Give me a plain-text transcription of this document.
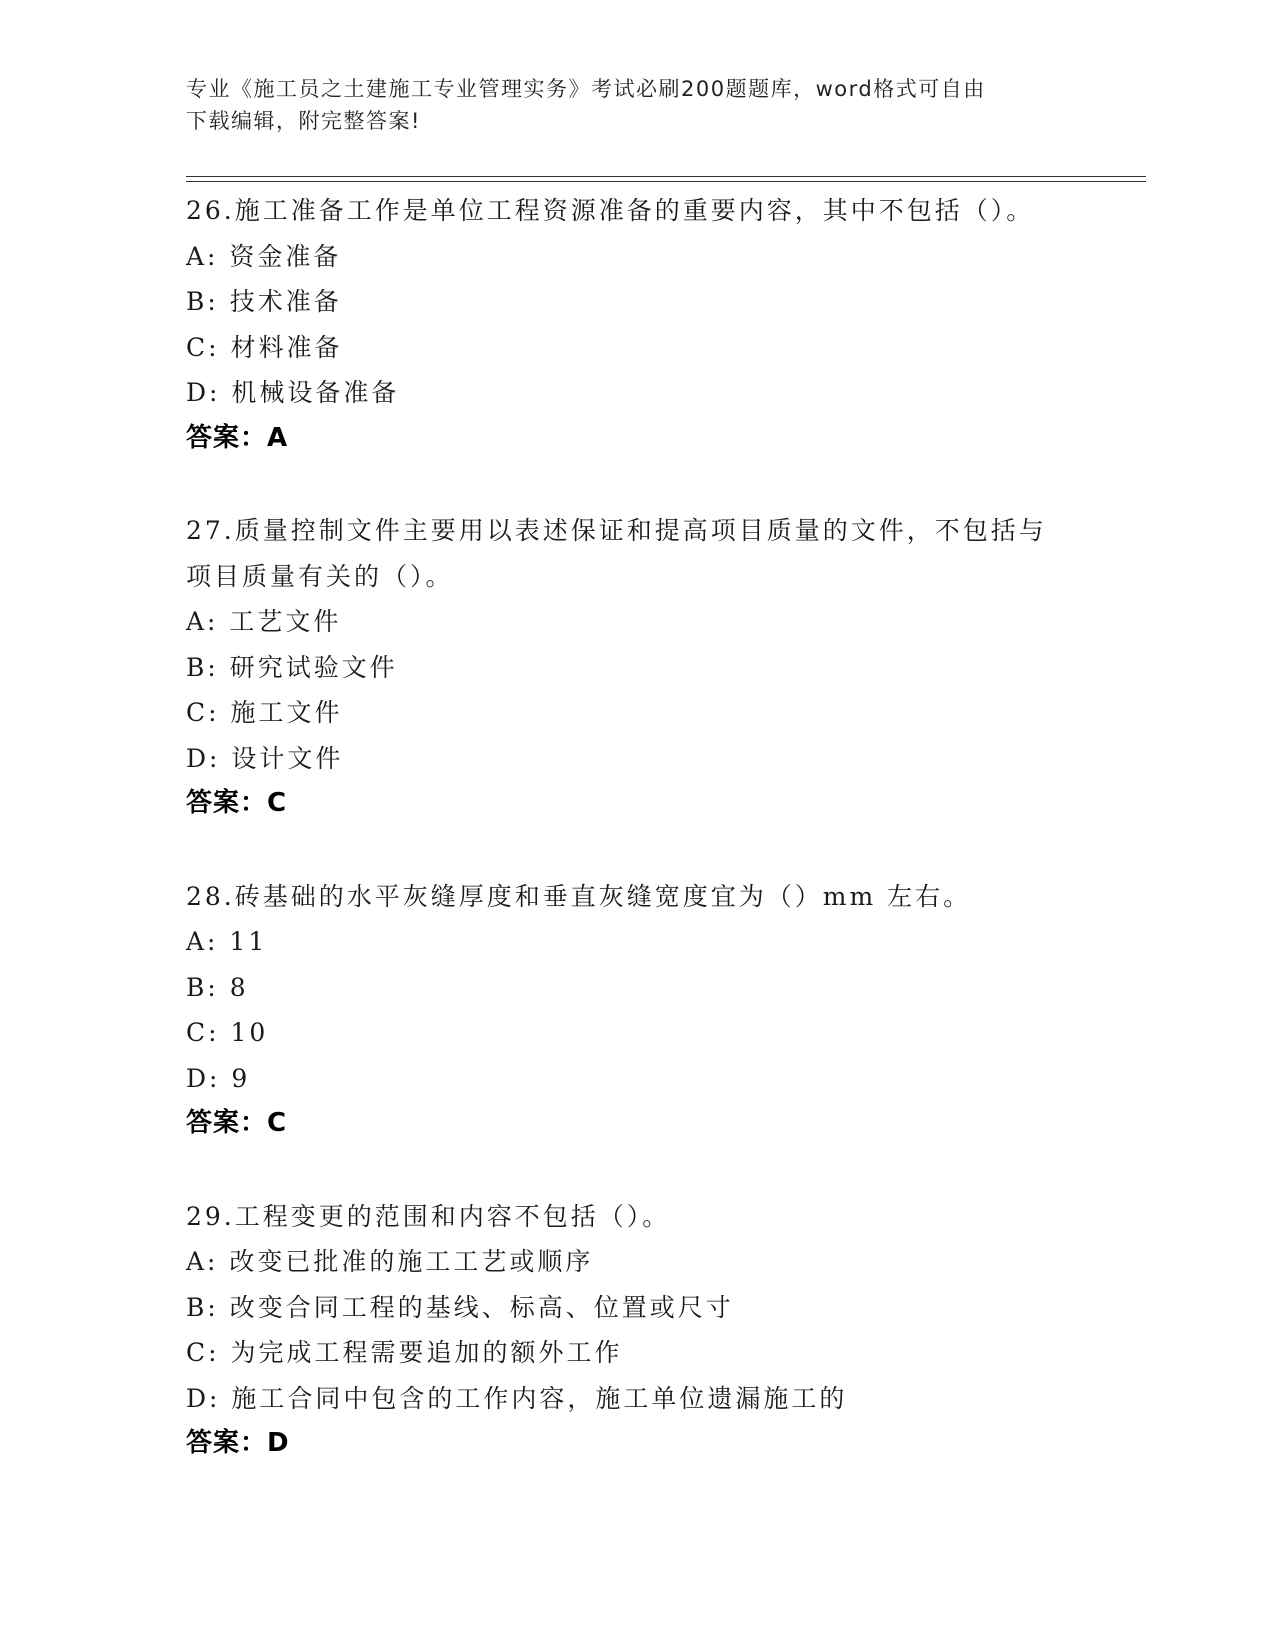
专业《施工员之土建施工专业管理实务》考试必刷200题题库，word格式可自由
下载编辑，附完整答案!
26.施工准备工作是单位工程资源准备的重要内容，其中不包括（）。
A: 资金准备
B: 技术准备
C: 材料准备
D: 机械设备准备
答案：A
27.质量控制文件主要用以表述保证和提高项目质量的文件，不包括与
项目质量有关的（）。
A: 工艺文件
B: 研究试验文件
C: 施工文件
D: 设计文件
答案：C
28.砖基础的水平灰缝厚度和垂直灰缝宽度宜为（）mm 左右。
A: 11
B: 8
C: 10
D: 9
答案：C
29.工程变更的范围和内容不包括（）。
A: 改变已批准的施工工艺或顺序
B: 改变合同工程的基线、标高、位置或尺寸
C: 为完成工程需要追加的额外工作
D: 施工合同中包含的工作内容，施工单位遗漏施工的
答案：D
